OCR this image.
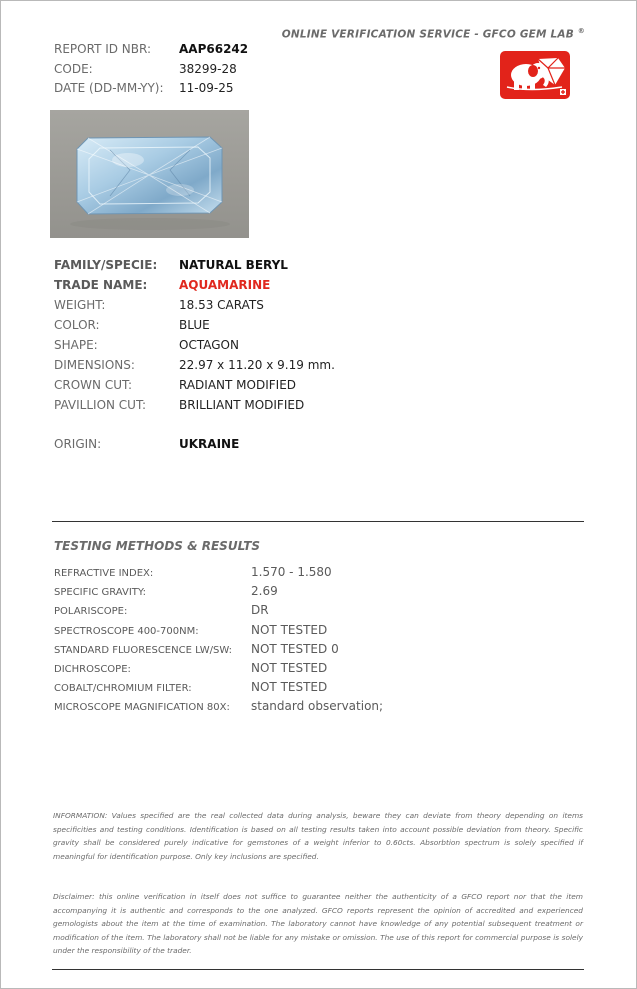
ONLINE VERIFICATION SERVICE - GFCO GEM LAB ®
REPORT ID NBR:	AAP66242
CODE:	38299-28
DATE (DD-MM-YY):	11-09-25
FAMILY/SPECIE:	NATURAL BERYL
TRADE NAME:	AQUAMARINE
WEIGHT:	18.53 CARATS
COLOR:	BLUE
SHAPE:	OCTAGON
DIMENSIONS:	22.97 x 11.20 x 9.19 mm.
CROWN CUT:	RADIANT MODIFIED
PAVILLION CUT:	BRILLIANT MODIFIED
ORIGIN:	UKRAINE
TESTING METHODS & RESULTS
REFRACTIVE INDEX:	1.570 - 1.580
SPECIFIC GRAVITY:	2.69
POLARISCOPE:	DR
SPECTROSCOPE 400-700NM:	NOT TESTED
STANDARD FLUORESCENCE LW/SW:	NOT TESTED 0
DICHROSCOPE:	NOT TESTED
COBALT/CHROMIUM FILTER:	NOT TESTED
MICROSCOPE MAGNIFICATION 80X:	standard observation;
INFORMATION: Values specified are the real collected data during analysis, beware they can deviate from theory depending on items specificities and testing conditions. Identification is based on all testing results taken into account possible deviation from theory. Specific gravity shall be considered purely indicative for gemstones of a weight inferior to 0.60cts. Absorbtion spectrum is solely specified if meaningful for identification purpose. Only key inclusions are specified.
Disclaimer: this online verification in itself does not suffice to guarantee neither the authenticity of a GFCO report nor that the item accompanying it is authentic and corresponds to the one analyzed. GFCO reports represent the opinion of accredited and experienced gemologists about the item at the time of examination. The laboratory cannot have knowledge of any potential subsequent treatment or modification of the item. The laboratory shall not be liable for any mistake or omission. The use of this report for commercial purpose is solely under the responsibility of the trader.
